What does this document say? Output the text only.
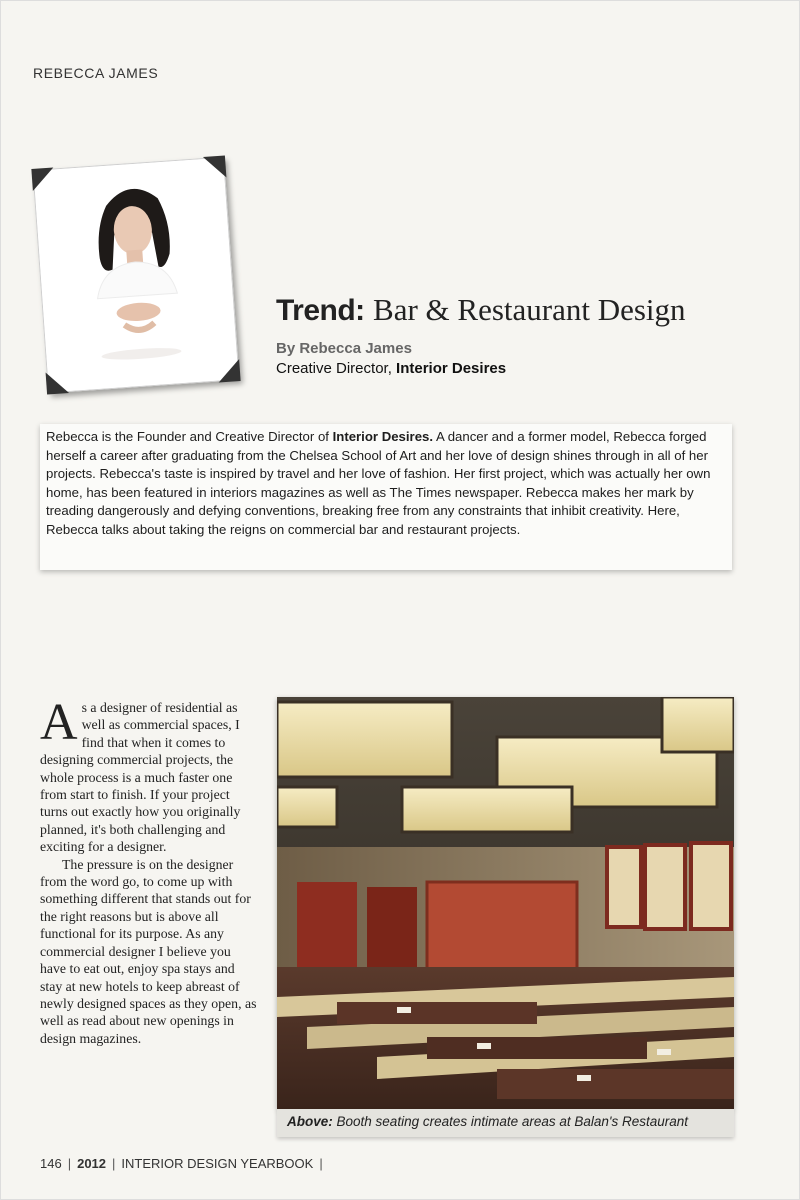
REBECCA JAMES
Trend: Bar & Restaurant Design
By Rebecca James
Creative Director, Interior Desires
Rebecca is the Founder and Creative Director of Interior Desires. A dancer and a former model, Rebecca forged herself a career after graduating from the Chelsea School of Art and her love of design shines through in all of her projects. Rebecca's taste is inspired by travel and her love of fashion. Her first project, which was actually her own home, has been featured in interiors magazines as well as The Times newspaper. Rebecca makes her mark by treading dangerously and defying conventions, breaking free from any constraints that inhibit creativity. Here, Rebecca talks about taking the reigns on commercial bar and restaurant projects.

As a designer of residential as well as commercial spaces, I find that when it comes to designing commercial projects, the whole process is a much faster one from start to finish. If your project turns out exactly how you originally planned, it's both challenging and exciting for a designer.

The pressure is on the designer from the word go, to come up with something different that stands out for the right reasons but is above all functional for its purpose. As any commercial designer I believe you have to eat out, enjoy spa stays and stay at new hotels to keep abreast of newly designed spaces as they open, as well as read about new openings in design magazines.

Above: Booth seating creates intimate areas at Balan's Restaurant
146 | 2012 | INTERIOR DESIGN YEARBOOK |
